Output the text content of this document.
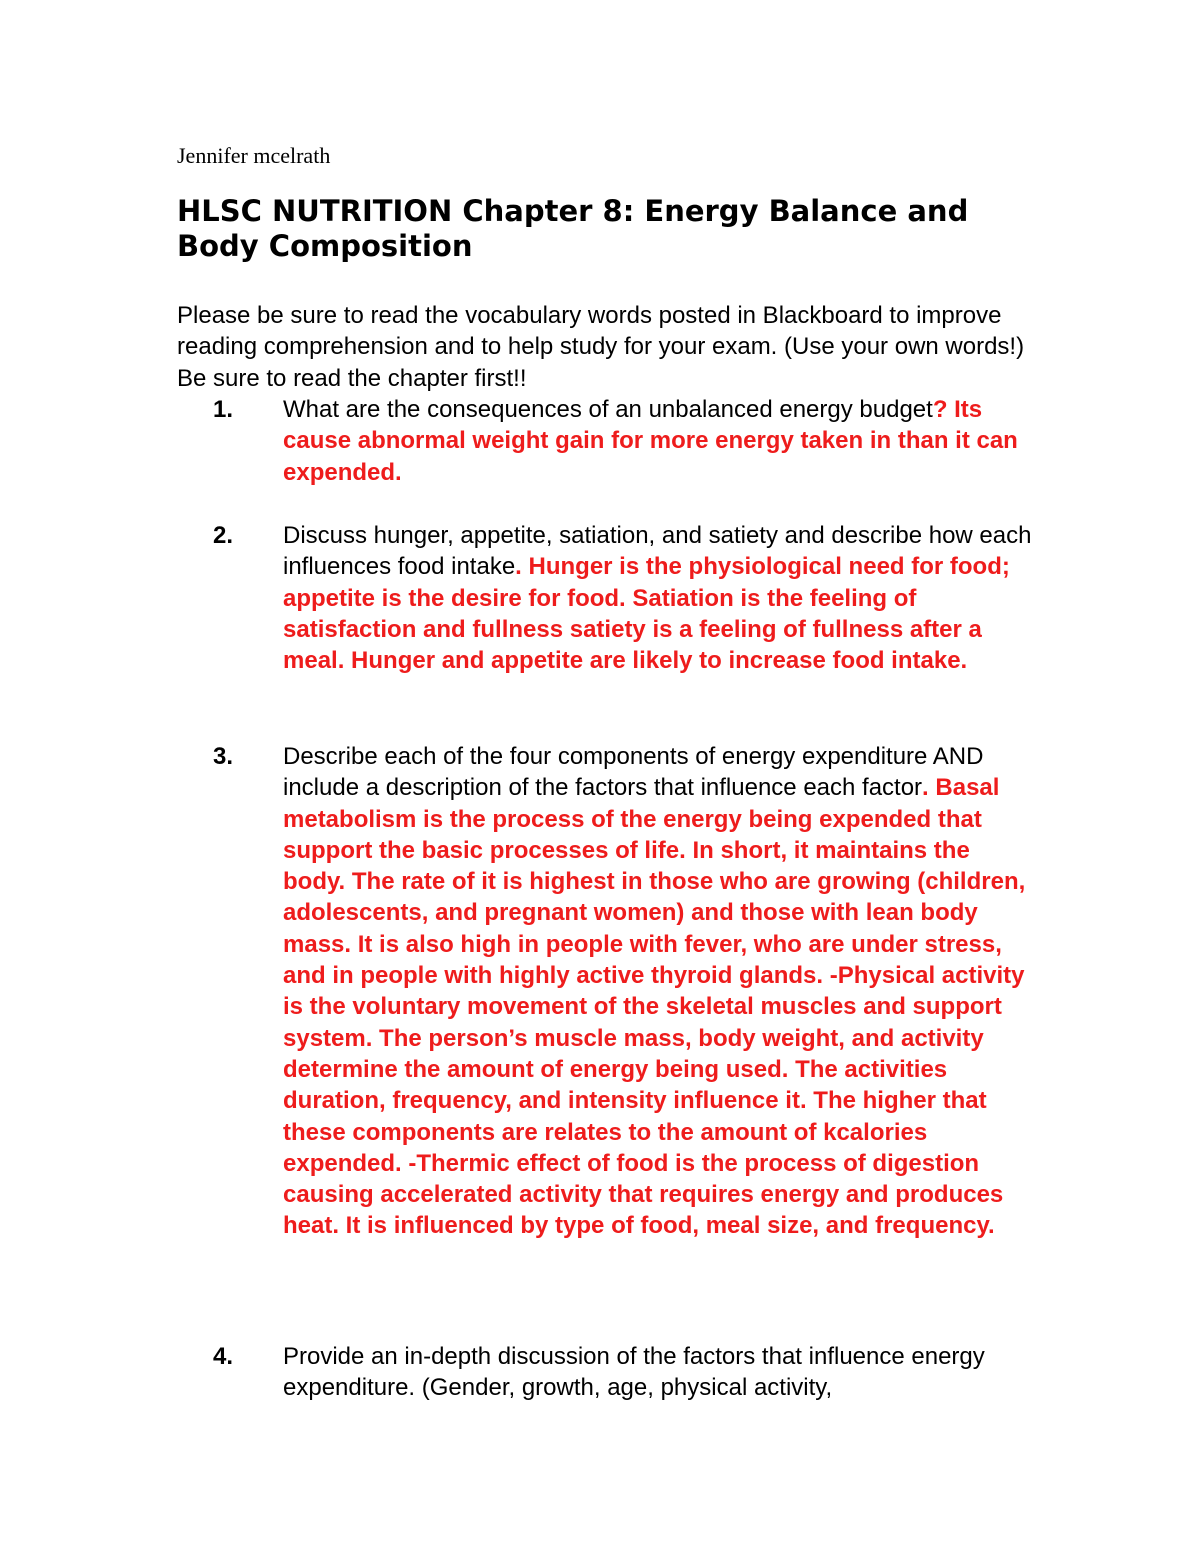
Jennifer mcelrath
HLSC NUTRITION Chapter 8: Energy Balance and Body Composition

Please be sure to read the vocabulary words posted in Blackboard to improve reading comprehension and to help study for your exam. (Use your own words!) Be sure to read the chapter first!!

1. What are the consequences of an unbalanced energy budget? Its cause abnormal weight gain for more energy taken in than it can expended.

2. Discuss hunger, appetite, satiation, and satiety and describe how each influences food intake. Hunger is the physiological need for food; appetite is the desire for food. Satiation is the feeling of satisfaction and fullness satiety is a feeling of fullness after a meal. Hunger and appetite are likely to increase food intake.

3. Describe each of the four components of energy expenditure AND include a description of the factors that influence each factor. Basal metabolism is the process of the energy being expended that support the basic processes of life. In short, it maintains the body. The rate of it is highest in those who are growing (children, adolescents, and pregnant women) and those with lean body mass. It is also high in people with fever, who are under stress, and in people with highly active thyroid glands. -Physical activity is the voluntary movement of the skeletal muscles and support system. The person’s muscle mass, body weight, and activity determine the amount of energy being used. The activities duration, frequency, and intensity influence it. The higher that these components are relates to the amount of kcalories expended. -Thermic effect of food is the process of digestion causing accelerated activity that requires energy and produces heat. It is influenced by type of food, meal size, and frequency.

4. Provide an in-depth discussion of the factors that influence energy expenditure. (Gender, growth, age, physical activity,
